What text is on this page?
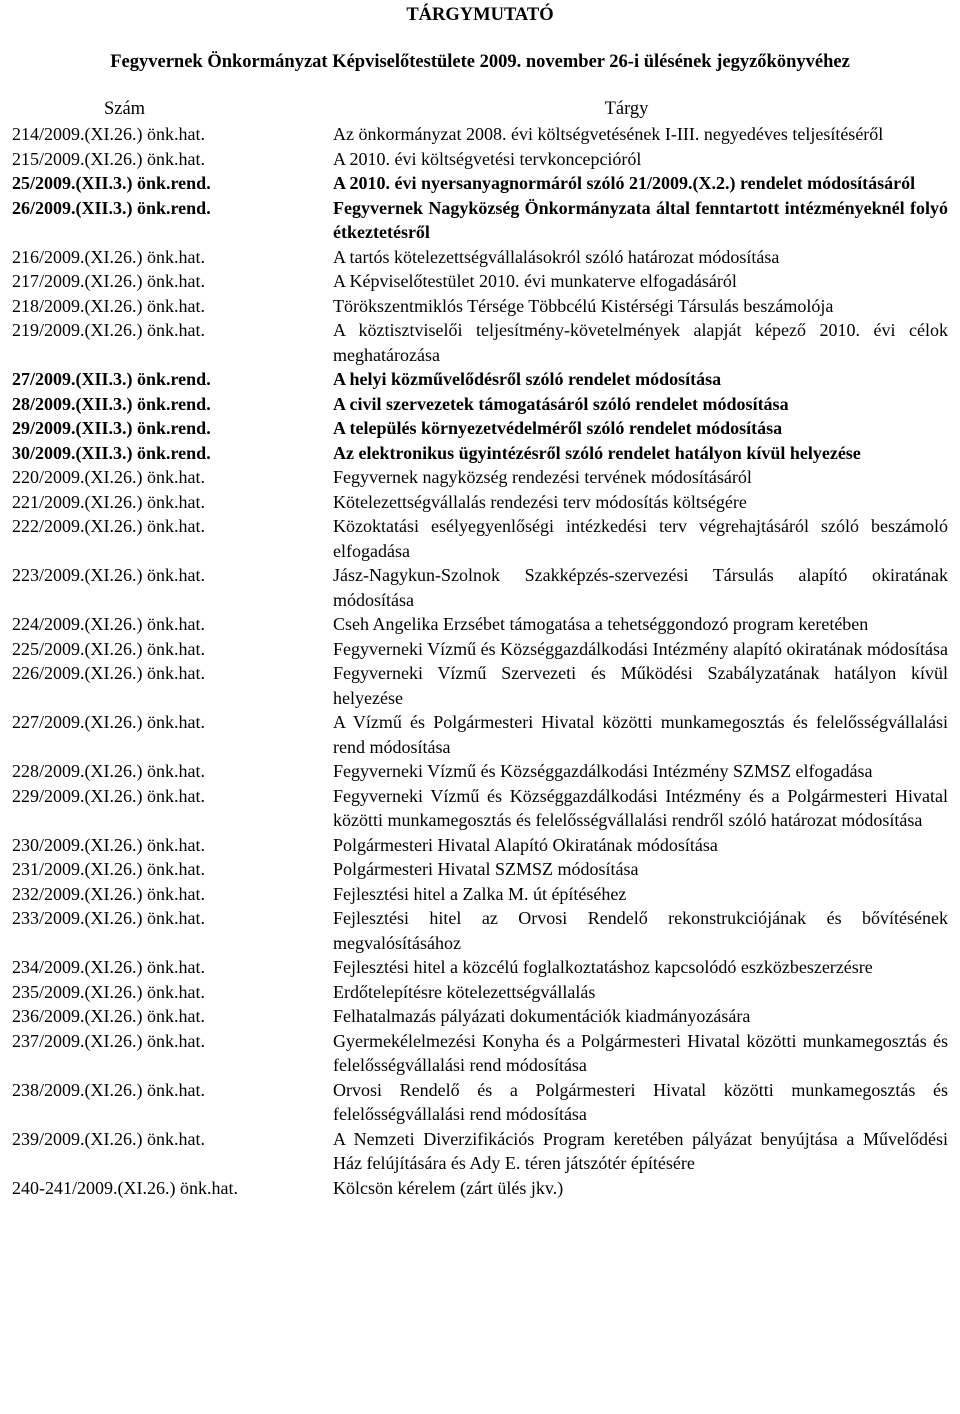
TÁRGYMUTATÓ
Fegyvernek Önkormányzat Képviselőtestülete 2009. november 26-i ülésének jegyzőkönyvéhez
Szám	Tárgy
214/2009.(XI.26.) önk.hat.	Az önkormányzat 2008. évi költségvetésének I-III. negyedéves teljesítéséről
215/2009.(XI.26.) önk.hat.	A 2010. évi költségvetési tervkoncepcióról
25/2009.(XII.3.) önk.rend.	A 2010. évi nyersanyagnormáról szóló 21/2009.(X.2.) rendelet módosításáról
26/2009.(XII.3.) önk.rend.	Fegyvernek Nagyközség Önkormányzata által fenntartott intézményeknél folyó étkeztetésről
216/2009.(XI.26.) önk.hat.	A tartós kötelezettségvállalásokról szóló határozat módosítása
217/2009.(XI.26.) önk.hat.	A Képviselőtestület 2010. évi munkaterve elfogadásáról
218/2009.(XI.26.) önk.hat.	Törökszentmiklós Térsége Többcélú Kistérségi Társulás beszámolója
219/2009.(XI.26.) önk.hat.	A köztisztviselői teljesítmény-követelmények alapját képező 2010. évi célok meghatározása
27/2009.(XII.3.) önk.rend.	A helyi közművelődésről szóló rendelet módosítása
28/2009.(XII.3.) önk.rend.	A civil szervezetek támogatásáról szóló rendelet módosítása
29/2009.(XII.3.) önk.rend.	A település környezetvédelméről szóló rendelet módosítása
30/2009.(XII.3.) önk.rend.	Az elektronikus ügyintézésről szóló rendelet hatályon kívül helyezése
220/2009.(XI.26.) önk.hat.	Fegyvernek nagyközség rendezési tervének módosításáról
221/2009.(XI.26.) önk.hat.	Kötelezettségvállalás rendezési terv módosítás költségére
222/2009.(XI.26.) önk.hat.	Közoktatási esélyegyenlőségi intézkedési terv végrehajtásáról szóló beszámoló elfogadása
223/2009.(XI.26.) önk.hat.	Jász-Nagykun-Szolnok Szakképzés-szervezési Társulás alapító okiratának módosítása
224/2009.(XI.26.) önk.hat.	Cseh Angelika Erzsébet támogatása a tehetséggondozó program keretében
225/2009.(XI.26.) önk.hat.	Fegyverneki Vízmű és Községgazdálkodási Intézmény alapító okiratának módosítása
226/2009.(XI.26.) önk.hat.	Fegyverneki Vízmű Szervezeti és Működési Szabályzatának hatályon kívül helyezése
227/2009.(XI.26.) önk.hat.	A Vízmű és Polgármesteri Hivatal közötti munkamegosztás és felelősségvállalási rend módosítása
228/2009.(XI.26.) önk.hat.	Fegyverneki Vízmű és Községgazdálkodási Intézmény SZMSZ elfogadása
229/2009.(XI.26.) önk.hat.	Fegyverneki Vízmű és Községgazdálkodási Intézmény és a Polgármesteri Hivatal közötti munkamegosztás és felelősségvállalási rendről szóló határozat módosítása
230/2009.(XI.26.) önk.hat.	Polgármesteri Hivatal Alapító Okiratának módosítása
231/2009.(XI.26.) önk.hat.	Polgármesteri Hivatal SZMSZ módosítása
232/2009.(XI.26.) önk.hat.	Fejlesztési hitel a Zalka M. út építéséhez
233/2009.(XI.26.) önk.hat.	Fejlesztési hitel az Orvosi Rendelő rekonstrukciójának és bővítésének megvalósításához
234/2009.(XI.26.) önk.hat.	Fejlesztési hitel a közcélú foglalkoztatáshoz kapcsolódó eszközbeszerzésre
235/2009.(XI.26.) önk.hat.	Erdőtelepítésre kötelezettségvállalás
236/2009.(XI.26.) önk.hat.	Felhatalmazás pályázati dokumentációk kiadmányozására
237/2009.(XI.26.) önk.hat.	Gyermekélelmezési Konyha és a Polgármesteri Hivatal közötti munkamegosztás és felelősségvállalási rend módosítása
238/2009.(XI.26.) önk.hat.	Orvosi Rendelő és a Polgármesteri Hivatal közötti munkamegosztás és felelősségvállalási rend módosítása
239/2009.(XI.26.) önk.hat.	A Nemzeti Diverzifikációs Program keretében pályázat benyújtása a Művelődési Ház felújítására és Ady E. téren játszótér építésére
240-241/2009.(XI.26.) önk.hat.	Kölcsön kérelem (zárt ülés jkv.)
